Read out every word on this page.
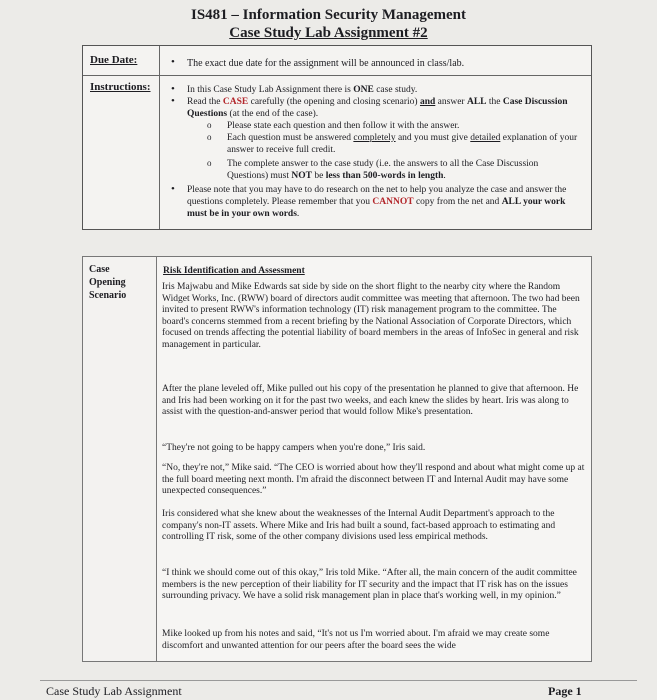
IS481 – Information Security Management
Case Study Lab Assignment #2
Due Date:	• The exact due date for the assignment will be announced in class/lab.
Instructions: • In this Case Study Lab Assignment there is ONE case study.
• Read the CASE carefully (the opening and closing scenario) and answer ALL the Case Discussion Questions (at the end of the case).
o Please state each question and then follow it with the answer.
o Each question must be answered completely and you must give detailed explanation of your answer to receive full credit.
o The complete answer to the case study (i.e. the answers to all the Case Discussion Questions) must NOT be less than 500-words in length.
• Please note that you may have to do research on the net to help you analyze the case and answer the questions completely. Please remember that you CANNOT copy from the net and ALL your work must be in your own words.
Case
Opening
Scenario
Risk Identification and Assessment
Iris Majwabu and Mike Edwards sat side by side on the short flight to the nearby city where the Random Widget Works, Inc. (RWW) board of directors audit committee was meeting that afternoon. The two had been invited to present RWW's information technology (IT) risk management program to the committee. The board's concerns stemmed from a recent briefing by the National Association of Corporate Directors, which focused on trends affecting the potential liability of board members in the areas of InfoSec in general and risk management in particular.
After the plane leveled off, Mike pulled out his copy of the presentation he planned to give that afternoon. He and Iris had been working on it for the past two weeks, and each knew the slides by heart. Iris was along to assist with the question-and-answer period that would follow Mike's presentation.
“They're not going to be happy campers when you're done,” Iris said.
“No, they're not,” Mike said. “The CEO is worried about how they'll respond and about what might come up at the full board meeting next month. I'm afraid the disconnect between IT and Internal Audit may have some unexpected consequences.”
Iris considered what she knew about the weaknesses of the Internal Audit Department's approach to the company's non-IT assets. Where Mike and Iris had built a sound, fact-based approach to estimating and controlling IT risk, some of the other company divisions used less empirical methods.
“I think we should come out of this okay,” Iris told Mike. “After all, the main concern of the audit committee members is the new perception of their liability for IT security and the impact that IT risk has on the issues surrounding privacy. We have a solid risk management plan in place that's working well, in my opinion.”
Mike looked up from his notes and said, “It's not us I'm worried about. I'm afraid we may create some discomfort and unwanted attention for our peers after the board sees the wide
Case Study Lab Assignment	Page 1
